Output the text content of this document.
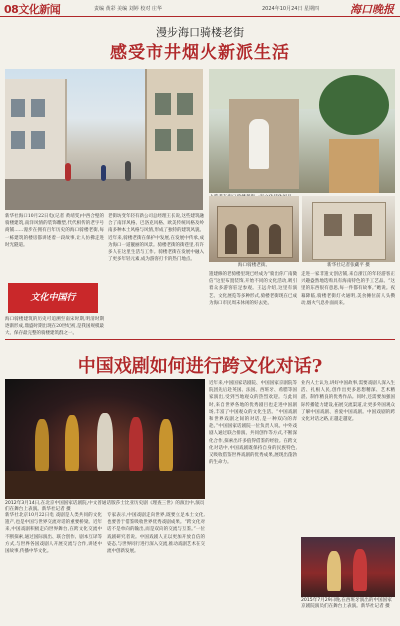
08文化新闻	责编 黄彩 美编 刘婷 校对 庄华	2024年10月24日 星期四	海口晚报
漫步海口骑楼老街
感受市井烟火新派生活
海口骑楼老街。	新华社记者张藏平 摄
新华社海口10月22日电(记者 黄靖雯)中西合璧的骑楼建筑,南洋风情的装饰雕塑,代代相传的老字号商铺……漫步在拥有百年历史的海口骑楼老街,每一栋建筑的楼房都讲述着一段故事,让人仿佛走进时光隧道。
老街坊变年轻有新公司总经理王长说,这些建筑融合了南洋风格、巴洛克风格、欧美传统风格及岭南多种本土风格与风情,形成了独特的建筑风貌。近年来,骑楼老街在保护中发展,在发展中传承,成为海口一道靓丽的风景。骑楼老街的街巷里,有许多人在这里生活与工作。骑楼老街在发展中融入了更多年轻元素,成为游客打卡的热门地点。
遗建修的老骑楼里现已经成为“骑出你广南微信”这里布置装饰,开始不同的文化活动,吸引着众多游客驻足参观。王远介绍,这里有演艺、文化展览等多种形式,骑楼老街现在已成为海口市民周末休闲的好去处。
走进一家非遗文创店铺,来自浙江的年轻游客正兴趣盎然地选购具有海南特色的手工艺品。“这里的东西很有意思,每一件都有故事。”她说。夜幕降临,骑楼老街灯火通明,美食摊位前人头攒动,烟火气息扑面而来。
文化中国行
海口骑楼建筑的历史可追溯至南宋时期,明清时期逐渐形成,鼎盛时期出现在20世纪初,是我国规模最大、保存最完整的骑楼建筑群之一。
中国戏剧如何进行跨文化对话?
2012年3月14日,在北京中国国家话剧院,中文普通话版莎士比亚历史剧《理查三世》的演出中,演员们在舞台上表演。新华社记者 摄
新华社北京10月22日电 戏剧是人类共同的文化遗产,也是中国与世界交流对话的重要桥梁。近年来,中国戏剧积极走向世界舞台,在跨文化交流中不断探索,通过国际演出、联合创作、剧本互译等方式,与世界各国戏剧人开展交流与合作,讲述中国故事,传播中华文化。
专家表示,中国戏剧走向世界,既要立足本土文化,也要善于借鉴吸收世界优秀戏剧成果。“跨文化对话不是单向的输出,而是双向的交流与互鉴。”一位戏剧研究者说。中国戏剧人正以更加开放自信的姿态,与世界同行进行深入交流,推动戏剧艺术在交流中创新发展。
近年来,中国国家话剧院、中国国家京剧院等院团先后赴英国、法国、西班牙、希腊等国家演出,受到当地观众的热烈欢迎。与此同时,来自世界各地的优秀剧目也走进中国剧场,丰富了中国观众的文化生活。“中国戏剧和世界戏剧之间的对话,是一种双向的奔赴。”中国国家话剧院一位负责人说。中外戏剧人通过联合排演、共同创作等方式,不断深化合作,探索出许多值得借鉴的经验。在跨文化对话中,中国戏剧既保持自身的民族特色,又吸收借鉴世界戏剧的优秀成果,展现出蓬勃的生命力。
业内人士认为,讲好中国故事,需要戏剧人深入生活、扎根人民,创作出更多思想精深、艺术精湛、制作精良的优秀作品。同时,还需要加强国际传播能力建设,拓展交流渠道,让更多外国观众了解中国戏剧、喜爱中国戏剧。中国戏剧的跨文化对话之路,正越走越宽。
2015年7月29日晚,在西班牙演出的中国国家京剧院演员们在舞台上表演。新华社记者 摄
